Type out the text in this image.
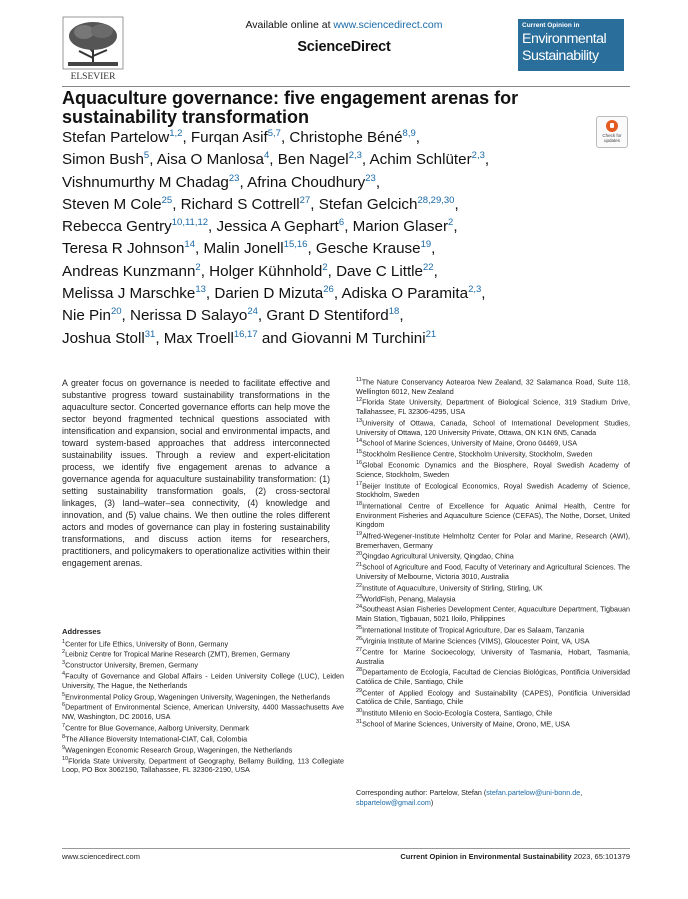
ELSEVIER
Available online at www.sciencedirect.com
ScienceDirect
Current Opinion in
Environmental
Sustainability
Aquaculture governance: five engagement arenas for sustainability transformation
Check for updates
Stefan Partelow$^{1,2}$, Furqan Asif$^{5,7}$, Christophe Béné$^{8,9}$,
Simon Bush$^5$, Aisa O Manlosa$^4$, Ben Nagel$^{2,3}$, Achim Schlüter$^{2,3}$,
Vishnumurthy M Chadag$^{23}$, Afrina Choudhury$^{23}$,
Steven M Cole$^{25}$, Richard S Cottrell$^{27}$, Stefan Gelcich$^{28,29,30}$,
Rebecca Gentry$^{10,11,12}$, Jessica A Gephart$^6$, Marion Glaser$^2$,
Teresa R Johnson$^{14}$, Malin Jonell$^{15,16}$, Gesche Krause$^{19}$,
Andreas Kunzmann$^2$, Holger Kühnhold$^2$, Dave C Little$^{22}$,
Melissa J Marschke$^{13}$, Darien D Mizuta$^{26}$, Adiska O Paramita$^{2,3}$,
Nie Pin$^{20}$, Nerissa D Salayo$^{24}$, Grant D Stentiford$^{18}$,
Joshua Stoll$^{31}$, Max Troell$^{16,17}$ and Giovanni M Turchini$^{21}$
A greater focus on governance is needed to facilitate effective and substantive progress toward sustainability transformations in the aquaculture sector. Concerted governance efforts can help move the sector beyond fragmented technical questions associated with intensification and expansion, social and environmental impacts, and toward system-based approaches that address interconnected sustainability issues. Through a review and expert-elicitation process, we identify five engagement arenas to advance a governance agenda for aquaculture sustainability transformation: (1) setting sustainability transformation goals, (2) cross-sectoral linkages, (3) land–water–sea connectivity, (4) knowledge and innovation, and (5) value chains. We then outline the roles different actors and modes of governance can play in fostering sustainability transformations, and discuss action items for researchers, practitioners, and policymakers to operationalize activities within their engagement arenas.
Addresses
$^1$Center for Life Ethics, University of Bonn, Germany
$^2$Leibniz Centre for Tropical Marine Research (ZMT), Bremen, Germany
$^3$Constructor University, Bremen, Germany
$^4$Faculty of Governance and Global Affairs - Leiden University College (LUC), Leiden University, The Hague, the Netherlands
$^5$Environmental Policy Group, Wageningen University, Wageningen, the Netherlands
$^6$Department of Environmental Science, American University, 4400 Massachusetts Ave NW, Washington, DC 20016, USA
$^7$Centre for Blue Governance, Aalborg University, Denmark
$^8$The Alliance Bioversity International-CIAT, Cali, Colombia
$^9$Wageningen Economic Research Group, Wageningen, the Netherlands
$^{10}$Florida State University, Department of Geography, Bellamy Building, 113 Collegiate Loop, PO Box 3062190, Tallahassee, FL 32306-2190, USA
$^{11}$The Nature Conservancy Aotearoa New Zealand, 32 Salamanca Road, Suite 118, Wellington 6012, New Zealand
$^{12}$Florida State University, Department of Biological Science, 319 Stadium Drive, Tallahassee, FL 32306-4295, USA
$^{13}$University of Ottawa, Canada, School of International Development Studies, University of Ottawa, 120 University Private, Ottawa, ON K1N 6N5, Canada
$^{14}$School of Marine Sciences, University of Maine, Orono 04469, USA
$^{15}$Stockholm Resilience Centre, Stockholm University, Stockholm, Sweden
$^{16}$Global Economic Dynamics and the Biosphere, Royal Swedish Academy of Science, Stockholm, Sweden
$^{17}$Beijer Institute of Ecological Economics, Royal Swedish Academy of Science, Stockholm, Sweden
$^{18}$International Centre of Excellence for Aquatic Animal Health, Centre for Environment Fisheries and Aquaculture Science (CEFAS), The Nothe, Dorset, United Kingdom
$^{19}$Alfred-Wegener-Institute Helmholtz Center for Polar and Marine, Research (AWI), Bremerhaven, Germany
$^{20}$Qingdao Agricultural University, Qingdao, China
$^{21}$School of Agriculture and Food, Faculty of Veterinary and Agricultural Sciences. The University of Melbourne, Victoria 3010, Australia
$^{22}$Institute of Aquaculture, University of Stirling, Stirling, UK
$^{23}$WorldFish, Penang, Malaysia
$^{24}$Southeast Asian Fisheries Development Center, Aquaculture Department, Tigbauan Main Station, Tigbauan, 5021 Iloilo, Philippines
$^{25}$International Institute of Tropical Agriculture, Dar es Salaam, Tanzania
$^{26}$Virginia Institute of Marine Sciences (VIMS), Gloucester Point, VA, USA
$^{27}$Centre for Marine Socioecology, University of Tasmania, Hobart, Tasmania, Australia
$^{28}$Departamento de Ecología, Facultad de Ciencias Biológicas, Pontificia Universidad Católica de Chile, Santiago, Chile
$^{29}$Center of Applied Ecology and Sustainability (CAPES), Pontificia Universidad Católica de Chile, Santiago, Chile
$^{30}$Instituto Milenio en Socio-Ecología Costera, Santiago, Chile
$^{31}$School of Marine Sciences, University of Maine, Orono, ME, USA
Corresponding author: Partelow, Stefan (stefan.partelow@uni-bonn.de,
sbpartelow@gmail.com)
www.sciencedirect.com	Current Opinion in Environmental Sustainability 2023, 65:101379
